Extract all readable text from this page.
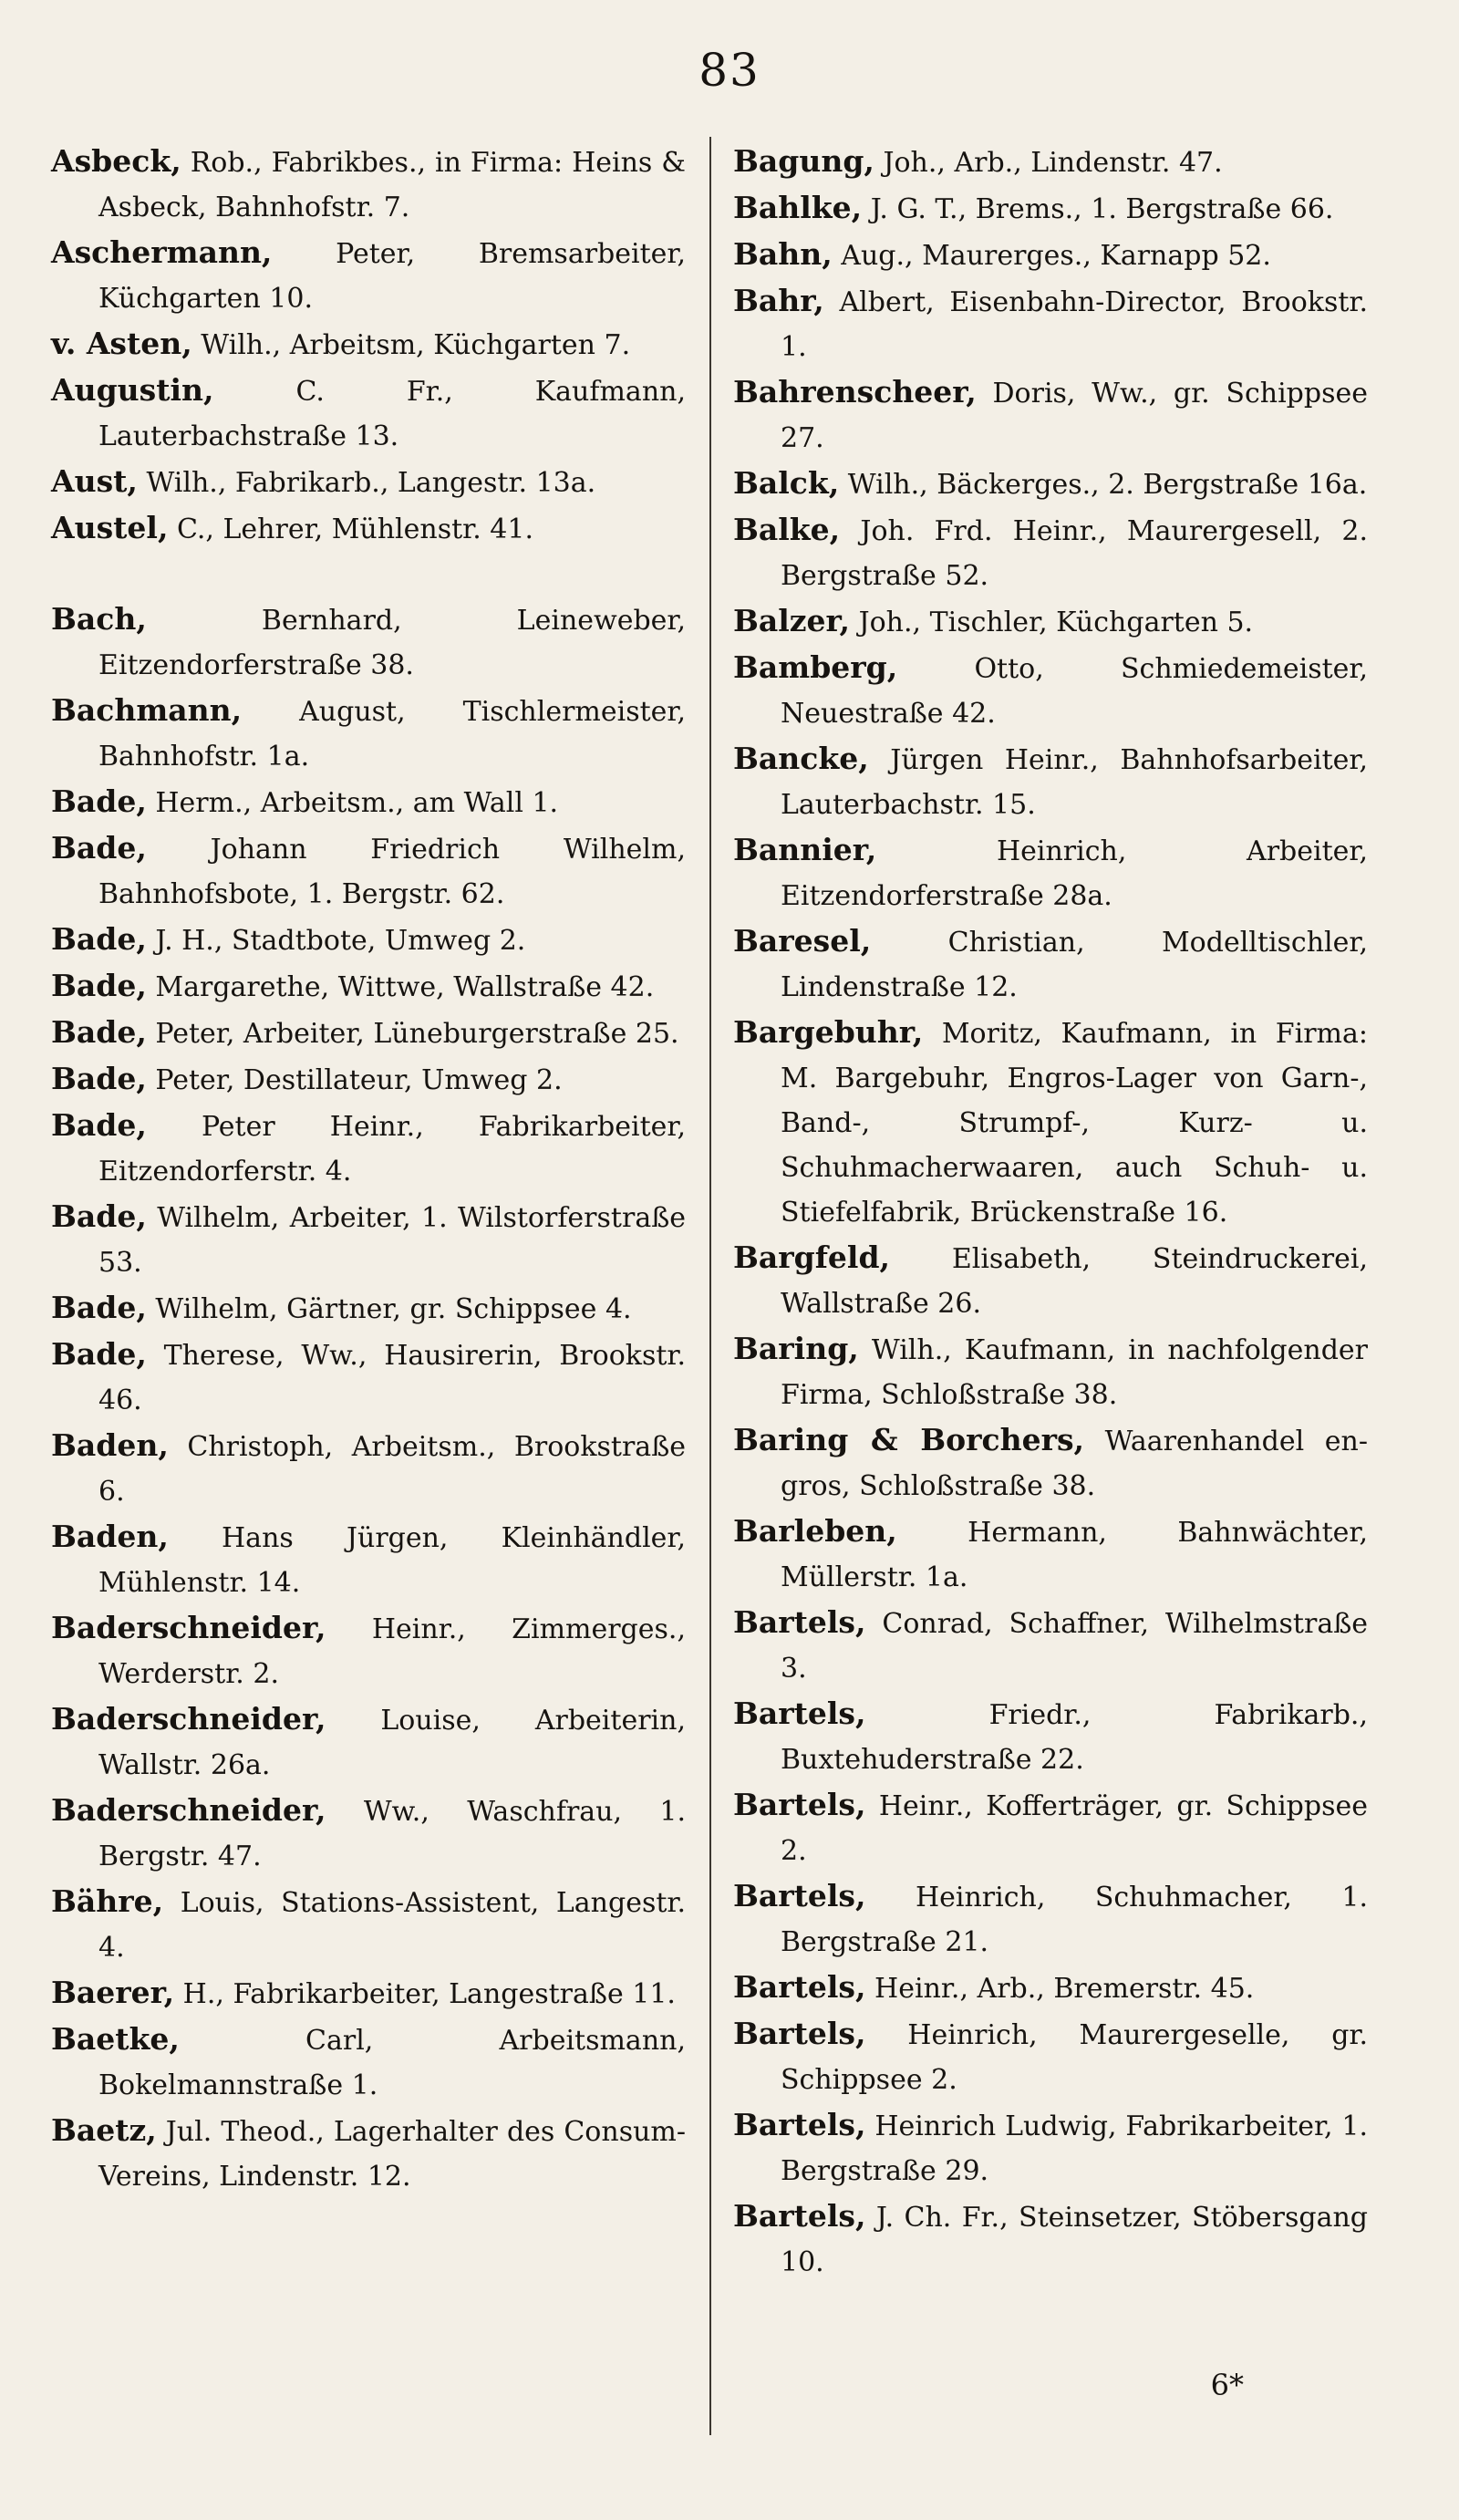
83
Asbeck, Rob., Fabrikbes., in Firma: Heins & Asbeck, Bahnhofstr. 7.
Aschermann, Peter, Bremsarbeiter, Küchgarten 10.
v. Asten, Wilh., Arbeitsm, Küchgarten 7.
Augustin, C. Fr., Kaufmann, Lauterbachstraße 13.
Aust, Wilh., Fabrikarb., Langestr. 13a.
Austel, C., Lehrer, Mühlenstr. 41.
Bach, Bernhard, Leineweber, Eitzendorferstraße 38.
Bachmann, August, Tischlermeister, Bahnhofstr. 1a.
Bade, Herm., Arbeitsm., am Wall 1.
Bade, Johann Friedrich Wilhelm, Bahnhofsbote, 1. Bergstr. 62.
Bade, J. H., Stadtbote, Umweg 2.
Bade, Margarethe, Wittwe, Wallstraße 42.
Bade, Peter, Arbeiter, Lüneburgerstraße 25.
Bade, Peter, Destillateur, Umweg 2.
Bade, Peter Heinr., Fabrikarbeiter, Eitzendorferstr. 4.
Bade, Wilhelm, Arbeiter, 1. Wilstorferstraße 53.
Bade, Wilhelm, Gärtner, gr. Schippsee 4.
Bade, Therese, Ww., Hausirerin, Brookstr. 46.
Baden, Christoph, Arbeitsm., Brookstraße 6.
Baden, Hans Jürgen, Kleinhändler, Mühlenstr. 14.
Baderschneider, Heinr., Zimmerges., Werderstr. 2.
Baderschneider, Louise, Arbeiterin, Wallstr. 26a.
Baderschneider, Ww., Waschfrau, 1. Bergstr. 47.
Bähre, Louis, Stations-Assistent, Langestr. 4.
Baerer, H., Fabrikarbeiter, Langestraße 11.
Baetke, Carl, Arbeitsmann, Bokelmannstraße 1.
Baetz, Jul. Theod., Lagerhalter des Consum-Vereins, Lindenstr. 12.
Bagung, Joh., Arb., Lindenstr. 47.
Bahlke, J. G. T., Brems., 1. Bergstraße 66.
Bahn, Aug., Maurerges., Karnapp 52.
Bahr, Albert, Eisenbahn-Director, Brookstr. 1.
Bahrenscheer, Doris, Ww., gr. Schippsee 27.
Balck, Wilh., Bäckerges., 2. Bergstraße 16a.
Balke, Joh. Frd. Heinr., Maurergesell, 2. Bergstraße 52.
Balzer, Joh., Tischler, Küchgarten 5.
Bamberg, Otto, Schmiedemeister, Neuestraße 42.
Bancke, Jürgen Heinr., Bahnhofsarbeiter, Lauterbachstr. 15.
Bannier, Heinrich, Arbeiter, Eitzendorferstraße 28a.
Baresel, Christian, Modelltischler, Lindenstraße 12.
Bargebuhr, Moritz, Kaufmann, in Firma: M. Bargebuhr, Engros-Lager von Garn-, Band-, Strumpf-, Kurz- u. Schuhmacherwaaren, auch Schuh- u. Stiefelfabrik, Brückenstraße 16.
Bargfeld, Elisabeth, Steindruckerei, Wallstraße 26.
Baring, Wilh., Kaufmann, in nachfolgender Firma, Schloßstraße 38.
Baring & Borchers, Waarenhandel en-gros, Schloßstraße 38.
Barleben, Hermann, Bahnwächter, Müllerstr. 1a.
Bartels, Conrad, Schaffner, Wilhelmstraße 3.
Bartels, Friedr., Fabrikarb., Buxtehuderstraße 22.
Bartels, Heinr., Kofferträger, gr. Schippsee 2.
Bartels, Heinrich, Schuhmacher, 1. Bergstraße 21.
Bartels, Heinr., Arb., Bremerstr. 45.
Bartels, Heinrich, Maurergeselle, gr. Schippsee 2.
Bartels, Heinrich Ludwig, Fabrikarbeiter, 1. Bergstraße 29.
Bartels, J. Ch. Fr., Steinsetzer, Stöbersgang 10.
6*
